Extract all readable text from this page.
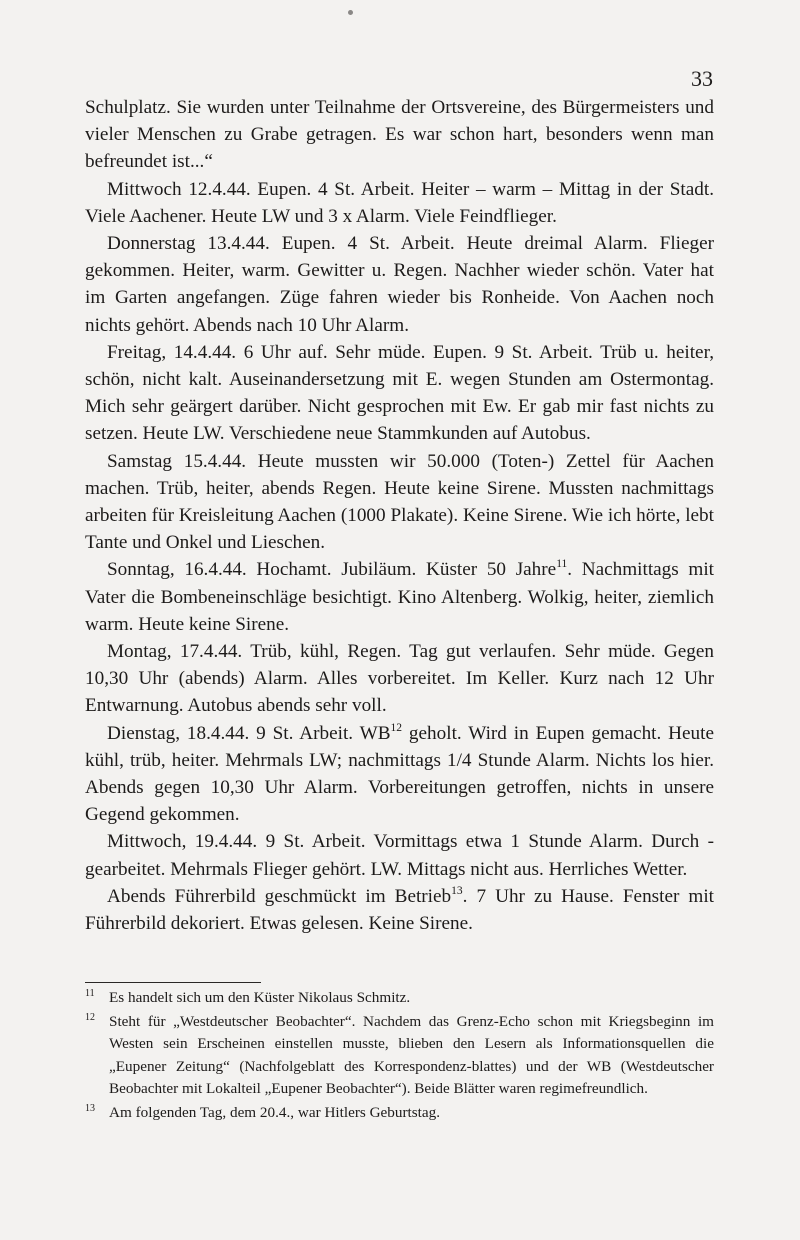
33

Schulplatz. Sie wurden unter Teilnahme der Ortsvereine, des Bürgermeisters und vieler Menschen zu Grabe getragen. Es war schon hart, besonders wenn man befreundet ist...“

Mittwoch 12.4.44. Eupen. 4 St. Arbeit. Heiter – warm – Mittag in der Stadt. Viele Aachener. Heute LW und 3 x Alarm. Viele Feindflieger.

Donnerstag 13.4.44. Eupen. 4 St. Arbeit. Heute dreimal Alarm. Flieger gekommen. Heiter, warm. Gewitter u. Regen. Nachher wieder schön. Vater hat im Garten angefangen. Züge fahren wieder bis Ronheide. Von Aachen noch nichts gehört. Abends nach 10 Uhr Alarm.

Freitag, 14.4.44. 6 Uhr auf. Sehr müde. Eupen. 9 St. Arbeit. Trüb u. heiter, schön, nicht kalt. Auseinandersetzung mit E. wegen Stunden am Ostermontag. Mich sehr geärgert darüber. Nicht gesprochen mit Ew. Er gab mir fast nichts zu setzen. Heute LW. Verschiedene neue Stammkunden auf Autobus.

Samstag 15.4.44. Heute mussten wir 50.000 (Toten-) Zettel für Aachen machen. Trüb, heiter, abends Regen. Heute keine Sirene. Mussten nachmittags arbeiten für Kreisleitung Aachen (1000 Plakate). Keine Sirene. Wie ich hörte, lebt Tante und Onkel und Lieschen.

Sonntag, 16.4.44. Hochamt. Jubiläum. Küster 50 Jahre$^{11}$. Nachmittags mit Vater die Bombeneinschläge besichtigt. Kino Altenberg. Wolkig, heiter, ziemlich warm. Heute keine Sirene.

Montag, 17.4.44. Trüb, kühl, Regen. Tag gut verlaufen. Sehr müde. Gegen 10,30 Uhr (abends) Alarm. Alles vorbereitet. Im Keller. Kurz nach 12 Uhr Entwarnung. Autobus abends sehr voll.

Dienstag, 18.4.44. 9 St. Arbeit. WB$^{12}$ geholt. Wird in Eupen gemacht. Heute kühl, trüb, heiter. Mehrmals LW; nachmittags 1/4 Stunde Alarm. Nichts los hier. Abends gegen 10,30 Uhr Alarm. Vorbereitungen getroffen, nichts in unsere Gegend gekommen.

Mittwoch, 19.4.44. 9 St. Arbeit. Vormittags etwa 1 Stunde Alarm. Durch -gearbeitet. Mehrmals Flieger gehört. LW. Mittags nicht aus. Herrliches Wetter.

Abends Führerbild geschmückt im Betrieb$^{13}$. 7 Uhr zu Hause. Fenster mit Führerbild dekoriert. Etwas gelesen. Keine Sirene.

11 Es handelt sich um den Küster Nikolaus Schmitz.
12 Steht für „Westdeutscher Beobachter“. Nachdem das Grenz-Echo schon mit Kriegsbeginn im Westen sein Erscheinen einstellen musste, blieben den Lesern als Informationsquellen die „Eupener Zeitung“ (Nachfolgeblatt des Korrespondenz-blattes) und der WB (Westdeutscher Beobachter mit Lokalteil „Eupener Beobachter“). Beide Blätter waren regimefreundlich.
13 Am folgenden Tag, dem 20.4., war Hitlers Geburtstag.
